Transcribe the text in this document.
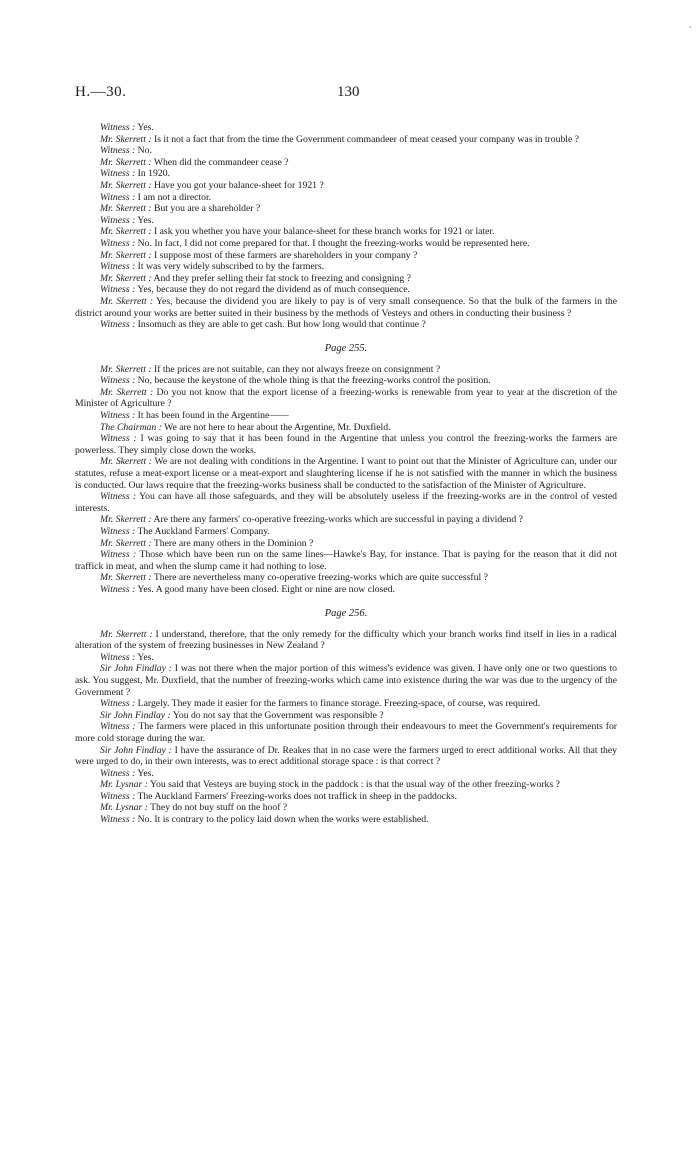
`
H.—30.	130

Witness : Yes.

Mr. Skerrett : Is it not a fact that from the time the Government commandeer of meat ceased your company was in trouble ?

Witness : No.

Mr. Skerrett : When did the commandeer cease ?

Witness : In 1920.

Mr. Skerrett : Have you got your balance-sheet for 1921 ?

Witness : I am not a director.

Mr. Skerrett : But you are a shareholder ?

Witness : Yes.

Mr. Skerrett : I ask you whether you have your balance-sheet for these branch works for 1921 or later.

Witness : No. In fact, I did not come prepared for that. I thought the freezing-works would be represented here.

Mr. Skerrett : I suppose most of these farmers are shareholders in your company ?

Witness : It was very widely subscribed to by the farmers.

Mr. Skerrett : And they prefer selling their fat stock to freezing and consigning ?

Witness : Yes, because they do not regard the dividend as of much consequence.

Mr. Skerrett : Yes, because the dividend you are likely to pay is of very small consequence. So that the bulk of the farmers in the district around your works are better suited in their business by the methods of Vesteys and others in conducting their business ?

Witness : Insomuch as they are able to get cash. But how long would that continue ?

Page 255.

Mr. Skerrett : If the prices are not suitable, can they not always freeze on consignment ?

Witness : No, because the keystone of the whole thing is that the freezing-works control the position.

Mr. Skerrett : Do you not know that the export license of a freezing-works is renewable from year to year at the discretion of the Minister of Agriculture ?

Witness : It has been found in the Argentine——

The Chairman : We are not here to hear about the Argentine, Mr. Duxfield.

Witness : I was going to say that it has been found in the Argentine that unless you control the freezing-works the farmers are powerless. They simply close down the works.

Mr. Skerrett : We are not dealing with conditions in the Argentine. I want to point out that the Minister of Agriculture can, under our statutes, refuse a meat-export license or a meat-export and slaughtering license if he is not satisfied with the manner in which the business is conducted. Our laws require that the freezing-works business shall be conducted to the satisfaction of the Minister of Agriculture.

Witness : You can have all those safeguards, and they will be absolutely useless if the freezing-works are in the control of vested interests.

Mr. Skerrett : Are there any farmers' co-operative freezing-works which are successful in paying a dividend ?

Witness : The Auckland Farmers' Company.

Mr. Skerrett : There are many others in the Dominion ?

Witness : Those which have been run on the same lines—Hawke's Bay, for instance. That is paying for the reason that it did not traffick in meat, and when the slump came it had nothing to lose.

Mr. Skerrett : There are nevertheless many co-operative freezing-works which are quite successful ?

Witness : Yes. A good many have been closed. Eight or nine are now closed.

Page 256.

Mr. Skerrett : I understand, therefore, that the only remedy for the difficulty which your branch works find itself in lies in a radical alteration of the system of freezing businesses in New Zealand ?

Witness : Yes.

Sir John Findlay : I was not there when the major portion of this witness's evidence was given. I have only one or two questions to ask. You suggest, Mr. Duxfield, that the number of freezing-works which came into existence during the war was due to the urgency of the Government ?

Witness : Largely. They made it easier for the farmers to finance storage. Freezing-space, of course, was required.

Sir John Findlay : You do not say that the Government was responsible ?

Witness : The farmers were placed in this unfortunate position through their endeavours to meet the Government's requirements for more cold storage during the war.

Sir John Findlay : I have the assurance of Dr. Reakes that in no case were the farmers urged to erect additional works. All that they were urged to do, in their own interests, was to erect additional storage space : is that correct ?

Witness : Yes.

Mr. Lysnar : You said that Vesteys are buying stock in the paddock : is that the usual way of the other freezing-works ?

Witness : The Auckland Farmers' Freezing-works does not traffick in sheep in the paddocks.

Mr. Lysnar : They do not buy stuff on the hoof ?

Witness : No. It is contrary to the policy laid down when the works were established.
